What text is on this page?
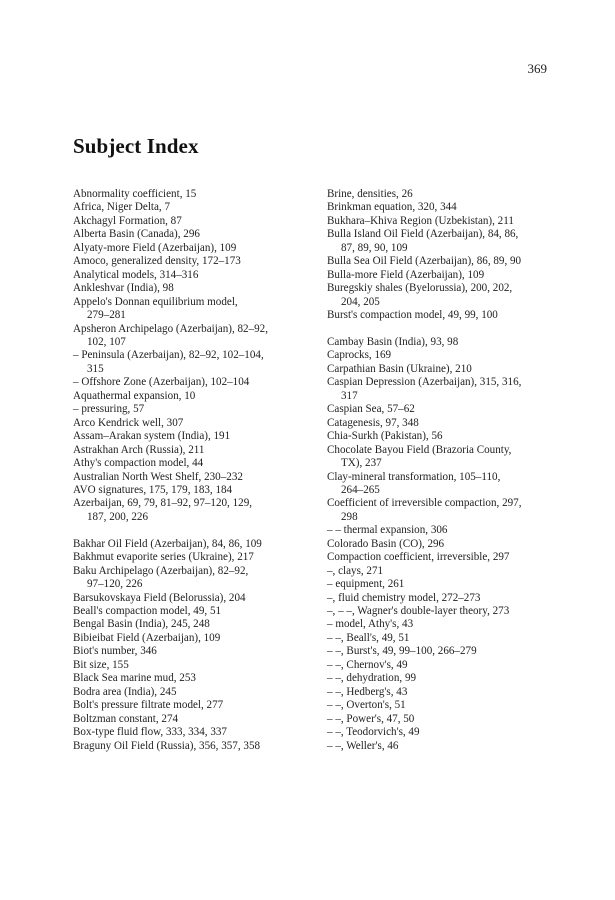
369
Subject Index
Abnormality coefficient, 15
Africa, Niger Delta, 7
Akchagyl Formation, 87
Alberta Basin (Canada), 296
Alyaty-more Field (Azerbaijan), 109
Amoco, generalized density, 172–173
Analytical models, 314–316
Ankleshvar (India), 98
Appelo's Donnan equilibrium model,
279–281
Apsheron Archipelago (Azerbaijan), 82–92,
102, 107
– Peninsula (Azerbaijan), 82–92, 102–104,
315
– Offshore Zone (Azerbaijan), 102–104
Aquathermal expansion, 10
– pressuring, 57
Arco Kendrick well, 307
Assam–Arakan system (India), 191
Astrakhan Arch (Russia), 211
Athy's compaction model, 44
Australian North West Shelf, 230–232
AVO signatures, 175, 179, 183, 184
Azerbaijan, 69, 79, 81–92, 97–120, 129,
187, 200, 226
Bakhar Oil Field (Azerbaijan), 84, 86, 109
Bakhmut evaporite series (Ukraine), 217
Baku Archipelago (Azerbaijan), 82–92,
97–120, 226
Barsukovskaya Field (Belorussia), 204
Beall's compaction model, 49, 51
Bengal Basin (India), 245, 248
Bibieibat Field (Azerbaijan), 109
Biot's number, 346
Bit size, 155
Black Sea marine mud, 253
Bodra area (India), 245
Bolt's pressure filtrate model, 277
Boltzman constant, 274
Box-type fluid flow, 333, 334, 337
Braguny Oil Field (Russia), 356, 357, 358
Brine, densities, 26
Brinkman equation, 320, 344
Bukhara–Khiva Region (Uzbekistan), 211
Bulla Island Oil Field (Azerbaijan), 84, 86,
87, 89, 90, 109
Bulla Sea Oil Field (Azerbaijan), 86, 89, 90
Bulla-more Field (Azerbaijan), 109
Buregskiy shales (Byelorussia), 200, 202,
204, 205
Burst's compaction model, 49, 99, 100
Cambay Basin (India), 93, 98
Caprocks, 169
Carpathian Basin (Ukraine), 210
Caspian Depression (Azerbaijan), 315, 316,
317
Caspian Sea, 57–62
Catagenesis, 97, 348
Chia-Surkh (Pakistan), 56
Chocolate Bayou Field (Brazoria County,
TX), 237
Clay-mineral transformation, 105–110,
264–265
Coefficient of irreversible compaction, 297,
298
– – thermal expansion, 306
Colorado Basin (CO), 296
Compaction coefficient, irreversible, 297
–, clays, 271
– equipment, 261
–, fluid chemistry model, 272–273
–, – –, Wagner's double-layer theory, 273
– model, Athy's, 43
– –, Beall's, 49, 51
– –, Burst's, 49, 99–100, 266–279
– –, Chernov's, 49
– –, dehydration, 99
– –, Hedberg's, 43
– –, Overton's, 51
– –, Power's, 47, 50
– –, Teodorvich's, 49
– –, Weller's, 46
